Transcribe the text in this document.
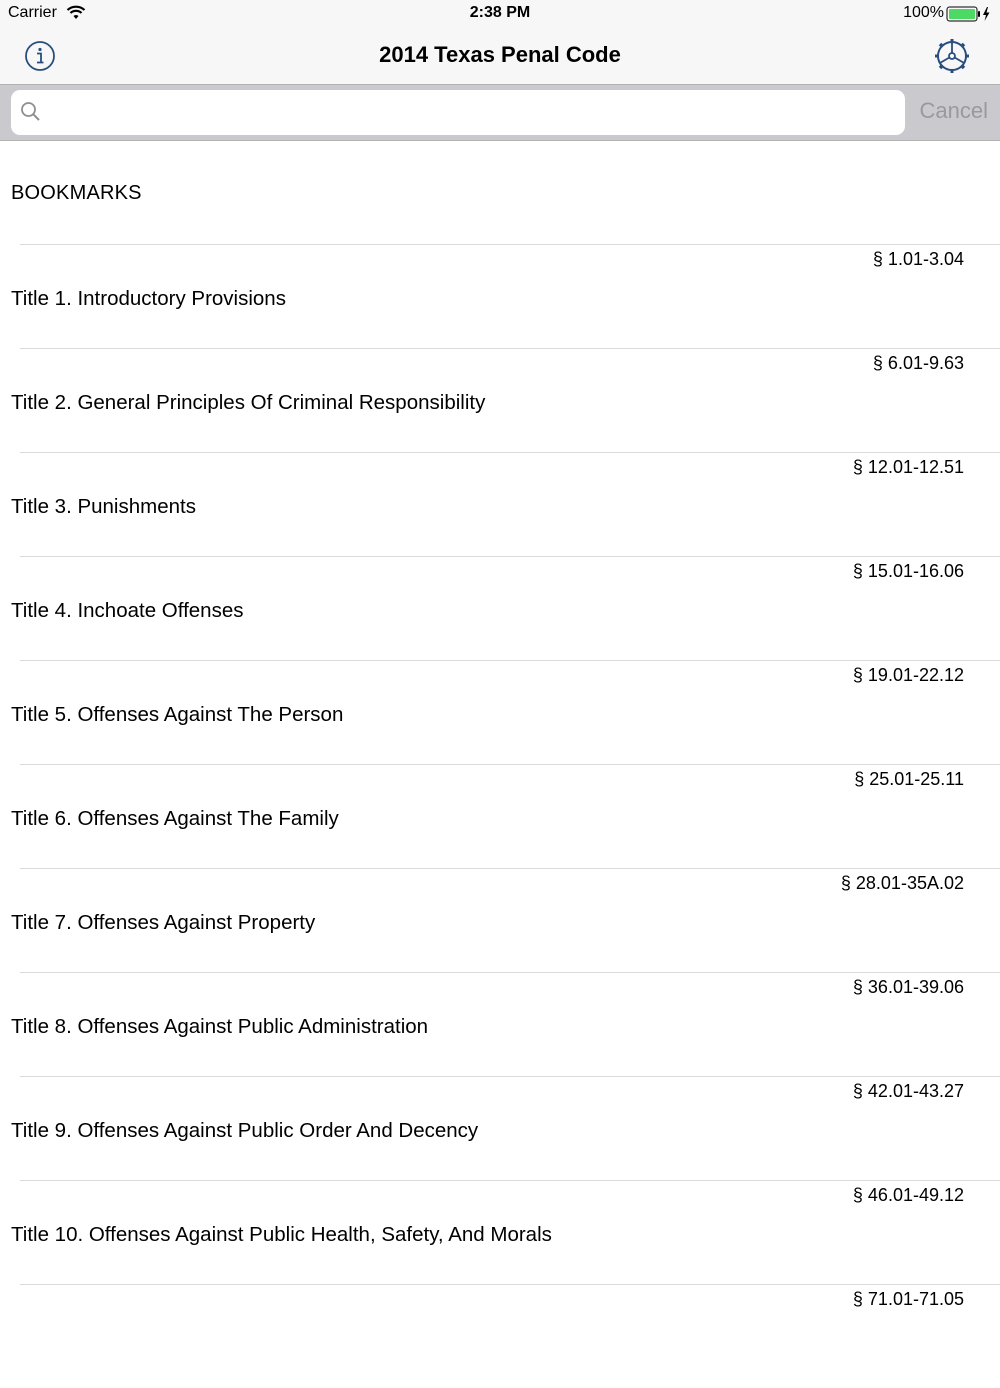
Carrier	2:38 PM	100%
2014 Texas Penal Code
Cancel
BOOKMARKS
§ 1.01-3.04
Title 1. Introductory Provisions
§ 6.01-9.63
Title 2. General Principles Of Criminal Responsibility
§ 12.01-12.51
Title 3. Punishments
§ 15.01-16.06
Title 4. Inchoate Offenses
§ 19.01-22.12
Title 5. Offenses Against The Person
§ 25.01-25.11
Title 6. Offenses Against The Family
§ 28.01-35A.02
Title 7. Offenses Against Property
§ 36.01-39.06
Title 8. Offenses Against Public Administration
§ 42.01-43.27
Title 9. Offenses Against Public Order And Decency
§ 46.01-49.12
Title 10. Offenses Against Public Health, Safety, And Morals
§ 71.01-71.05
